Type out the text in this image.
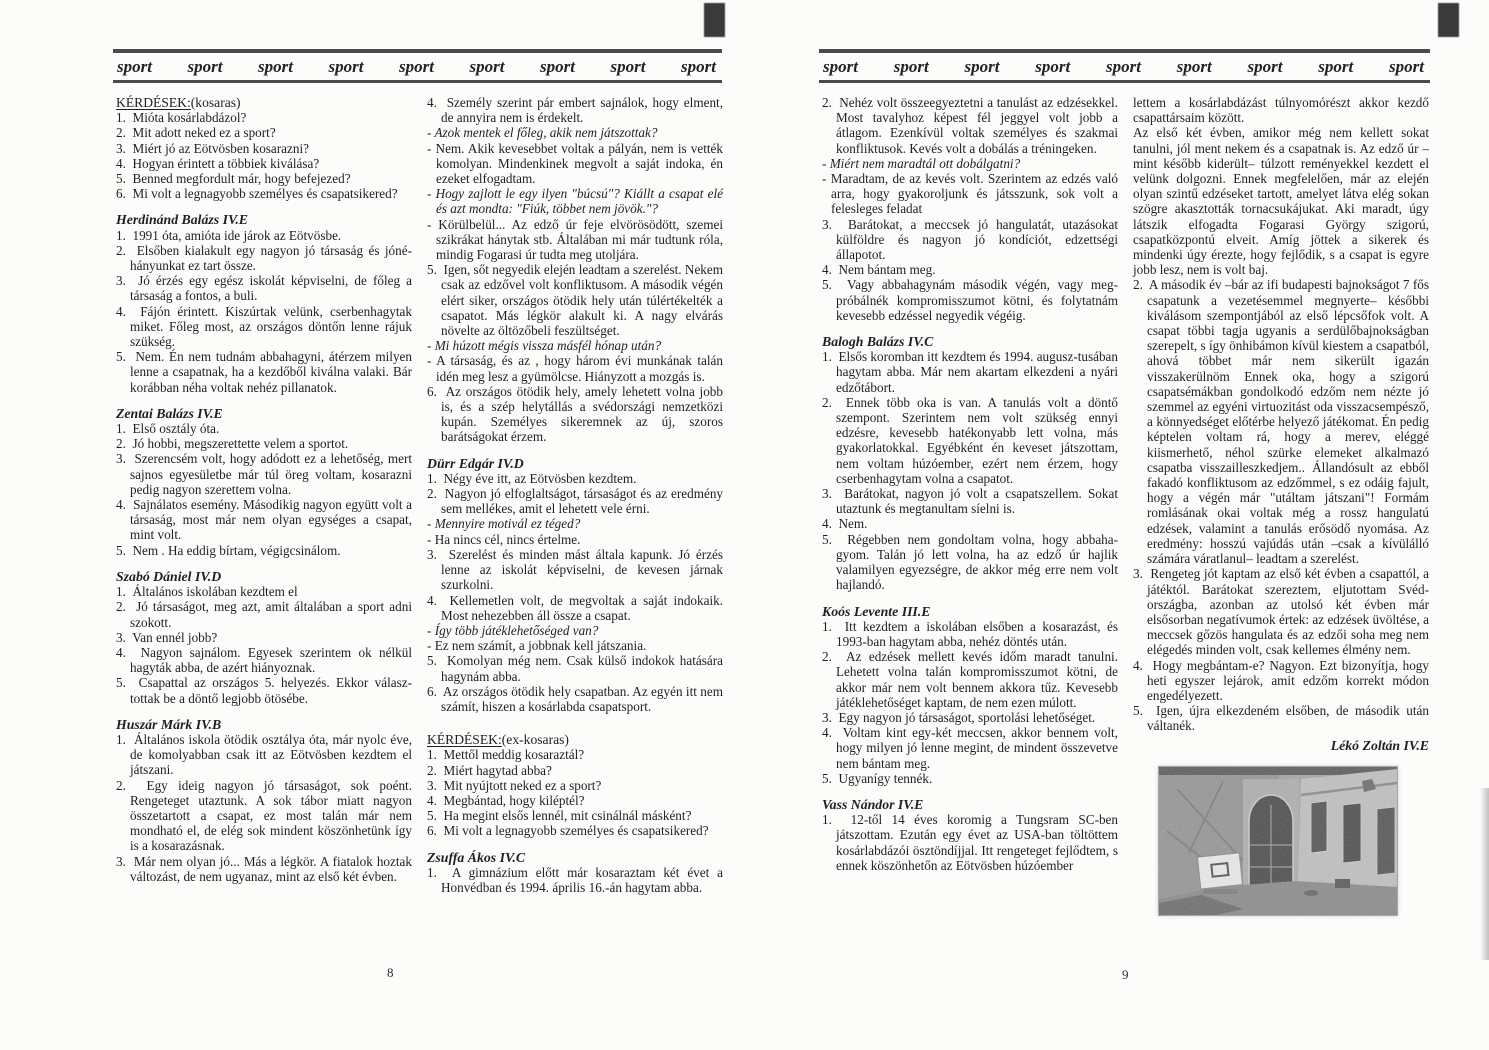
sport sport sport sport sport sport sport sport sport
KÉRDÉSEK:(kosaras)
1.  Mióta kosárlabdázol?
2.  Mit adott neked ez a sport?
3.  Miért jó az Eötvösben kosarazni?
4.  Hogyan érintett a többiek kiválása?
5.  Benned megfordult már, hogy befejezed?
6.  Mi volt a legnagyobb személyes és csapatsikered?
Herdinánd Balázs IV.E
1.  1991 óta, amióta ide járok az Eötvösbe.
2.  Elsőben kialakult egy nagyon jó társaság és jóné-hányunkat ez tart össze.
3.  Jó érzés egy egész iskolát képviselni, de főleg a társaság a fontos, a buli.
4.  Fájón érintett. Kiszúrtak velünk, cserbenhagytak miket. Főleg most, az országos döntőn lenne rájuk szükség.
5.  Nem. Én nem tudnám abbahagyni, átérzem milyen lenne a csapatnak, ha a kezdőből kiválna valaki. Bár korábban néha voltak nehéz pillanatok.
Zentai Balázs IV.E
1.  Első osztály óta.
2.  Jó hobbi, megszerettette velem a sportot.
3.  Szerencsém volt, hogy adódott ez a lehetőség, mert sajnos egyesületbe már túl öreg voltam, kosarazni pedig nagyon szerettem volna.
4.  Sajnálatos esemény. Másodikig nagyon együtt volt a társaság, most már nem olyan egységes a csapat, mint volt.
5.  Nem . Ha eddig bírtam, végigcsinálom.
Szabó Dániel IV.D
1.  Általános iskolában kezdtem el
2.  Jó társaságot, meg azt, amit általában a sport adni szokott.
3.  Van ennél jobb?
4.  Nagyon sajnálom. Egyesek szerintem ok nélkül hagyták abba, de azért hiányoznak.
5.  Csapattal az országos 5. helyezés. Ekkor válasz-tottak be a döntő legjobb ötösébe.
Huszár Márk IV.B
1.  Általános iskola ötödik osztálya óta, már nyolc éve, de komolyabban csak itt az Eötvösben kezdtem el játszani.
2.  Egy ideig nagyon jó társaságot, sok poént. Rengeteget utaztunk. A sok tábor miatt nagyon összetartott a csapat, ez most talán már nem mondható el, de elég sok mindent köszönhetünk így is a kosarazásnak.
3.  Már nem olyan jó... Más a légkör. A fiatalok hoztak változást, de nem ugyanaz, mint az első két évben.
4.  Személy szerint pár embert sajnálok, hogy elment, de annyira nem is érdekelt.
- Azok mentek el főleg, akik nem játszottak?
- Nem. Akik kevesebbet voltak a pályán, nem is vették komolyan. Mindenkinek megvolt a saját indoka, én ezeket elfogadtam.
- Hogy zajlott le egy ilyen "búcsú"? Kiállt a csapat elé és azt mondta: "Fiúk, többet nem jövök."?
- Körülbelül... Az edző úr feje elvörösödött, szemei szikrákat hánytak stb. Általában mi már tudtunk róla, mindig Fogarasi úr tudta meg utoljára.
5.  Igen, sőt negyedik elején leadtam a szerelést. Nekem csak az edzővel volt konfliktusom. A második végén elért siker, országos ötödik hely után túlértékelték a csapatot. Más légkör alakult ki. A nagy elvárás növelte az öltözőbeli feszültséget.
- Mi húzott mégis vissza másfél hónap után?
- A társaság, és az , hogy három évi munkának talán idén meg lesz a gyümölcse. Hiányzott a mozgás is.
6.  Az országos ötödik hely, amely lehetett volna jobb is, és a szép helytállás a svédországi nemzetközi kupán. Személyes sikeremnek az új, szoros barátságokat érzem.
Dürr Edgár IV.D
1.  Négy éve itt, az Eötvösben kezdtem.
2.  Nagyon jó elfoglaltságot, társaságot és az eredmény sem mellékes, amit el lehetett vele érni.
- Mennyire motivál ez téged?
- Ha nincs cél, nincs értelme.
3.  Szerelést és minden mást általa kapunk. Jó érzés lenne az iskolát képviselni, de kevesen járnak szurkolni.
4.  Kellemetlen volt, de megvoltak a saját indokaik. Most nehezebben áll össze a csapat.
- Így több játéklehetőséged van?
- Ez nem számít, a jobbnak kell játszania.
5.  Komolyan még nem. Csak külső indokok hatására hagynám abba.
6.  Az országos ötödik hely csapatban. Az egyén itt nem számít, hiszen a kosárlabda csapatsport.
KÉRDÉSEK:(ex-kosaras)
1.  Mettől meddig kosaraztál?
2.  Miért hagytad abba?
3.  Mit nyújtott neked ez a sport?
4.  Megbántad, hogy kiléptél?
5.  Ha megint elsős lennél, mit csinálnál másként?
6.  Mi volt a legnagyobb személyes és csapatsikered?
Zsuffa Ákos IV.C
1.  A gimnázium előtt már kosaraztam két évet a Honvédban és 1994. április 16.-án hagytam abba.
8
sport sport sport sport sport sport sport sport sport
2.  Nehéz volt összeegyeztetni a tanulást az edzésekkel. Most tavalyhoz képest fél jeggyel volt jobb a átlagom. Ezenkívül voltak személyes és szakmai konfliktusok. Kevés volt a dobálás a tréningeken.
- Miért nem maradtál ott dobálgatni?
- Maradtam, de az kevés volt. Szerintem az edzés való arra, hogy gyakoroljunk és játsszunk, sok volt a felesleges feladat
3.  Barátokat, a meccsek jó hangulatát, utazásokat külföldre és nagyon jó kondíciót, edzettségi állapotot.
4.  Nem bántam meg.
5.  Vagy abbahagynám második végén, vagy meg-próbálnék kompromisszumot kötni, és folytatnám kevesebb edzéssel negyedik végéig.
Balogh Balázs IV.C
1.  Elsős koromban itt kezdtem és 1994. augusz-tusában hagytam abba. Már nem akartam elkezdeni a nyári edzőtábort.
2.  Ennek több oka is van. A tanulás volt a döntő szempont. Szerintem nem volt szükség ennyi edzésre, kevesebb hatékonyabb lett volna, más gyakorlatokkal. Egyébként én keveset játszottam, nem voltam húzóember, ezért nem érzem, hogy cserbenhagytam volna a csapatot.
3.  Barátokat, nagyon jó volt a csapatszellem. Sokat utaztunk és megtanultam síelni is.
4.  Nem.
5.  Régebben nem gondoltam volna, hogy abbaha-gyom. Talán jó lett volna, ha az edző úr hajlik valamilyen egyezségre, de akkor még erre nem volt hajlandó.
Koós Levente III.E
1.  Itt kezdtem a iskolában elsőben a kosarazást, és 1993-ban hagytam abba, nehéz döntés után.
2.  Az edzések mellett kevés időm maradt tanulni. Lehetett volna talán kompromisszumot kötni, de akkor már nem volt bennem akkora tűz. Kevesebb játéklehetőséget kaptam, de nem ezen múlott.
3.  Egy nagyon jó társaságot, sportolási lehetőséget.
4.  Voltam kint egy-két meccsen, akkor bennem volt, hogy milyen jó lenne megint, de mindent összevetve nem bántam meg.
5.  Ugyanígy tennék.
Vass Nándor IV.E
1.  12-től 14 éves koromig a Tungsram SC-ben játszottam. Ezután egy évet az USA-ban töltöttem kosárlabdázói ösztöndíjjal. Itt rengeteget fejlődtem, s ennek köszönhetőn az Eötvösben húzóember
lettem a kosárlabdázást túlnyomórészt akkor kezdő csapattársaim között.
Az első két évben, amikor még nem kellett sokat tanulni, jól ment nekem és a csapatnak is. Az edző úr –mint később kiderült– túlzott reményekkel kezdett el velünk dolgozni. Ennek megfelelően, már az elején olyan szintű edzéseket tartott, amelyet látva elég sokan szögre akasztották tornacsukájukat. Aki maradt, úgy látszik elfogadta Fogarasi György szigorú, csapatközpontú elveit. Amíg jöttek a sikerek és mindenki úgy érezte, hogy fejlődik, s a csapat is egyre jobb lesz, nem is volt baj.
2.  A második év –bár az ifi budapesti bajnokságot 7 fős csapatunk a vezetésemmel megnyerte– későbbi kiválásom szempontjából az első lépcsőfok volt. A csapat többi tagja ugyanis a serdülőbajnokságban szerepelt, s így önhibámon kívül kiestem a csapatból, ahová többet már nem sikerült igazán visszakerülnöm Ennek oka, hogy a szigorú csapatsémákban gondolkodó edzőm nem nézte jó szemmel az egyéni virtuozitást oda visszacsempésző, a könnyedséget előtérbe helyező játékomat. Én pedig képtelen voltam rá, hogy a merev, eléggé kiismerhető, néhol szürke elemeket alkalmazó csapatba visszailleszkedjem.. Állandósult az ebből fakadó konfliktusom az edzőmmel, s ez odáig fajult, hogy a végén már "utáltam játszani"! Formám romlásának okai voltak még a rossz hangulatú edzések, valamint a tanulás erősödő nyomása. Az eredmény: hosszú vajúdás után –csak a kívülálló számára váratlanul– leadtam a szerelést.
3.  Rengeteg jót kaptam az első két évben a csapattól, a játéktól. Barátokat szereztem, eljutottam Svéd-országba, azonban az utolsó két évben már elsősorban negatívumok értek: az edzések üvöltése, a meccsek gőzös hangulata és az edzői soha meg nem elégedés minden volt, csak kellemes élmény nem.
4.  Hogy megbántam-e? Nagyon. Ezt bizonyítja, hogy heti egyszer lejárok, amit edzőm korrekt módon engedélyezett.
5.  Igen, újra elkezdeném elsőben, de második után váltanék.
Lékó Zoltán IV.E
9
